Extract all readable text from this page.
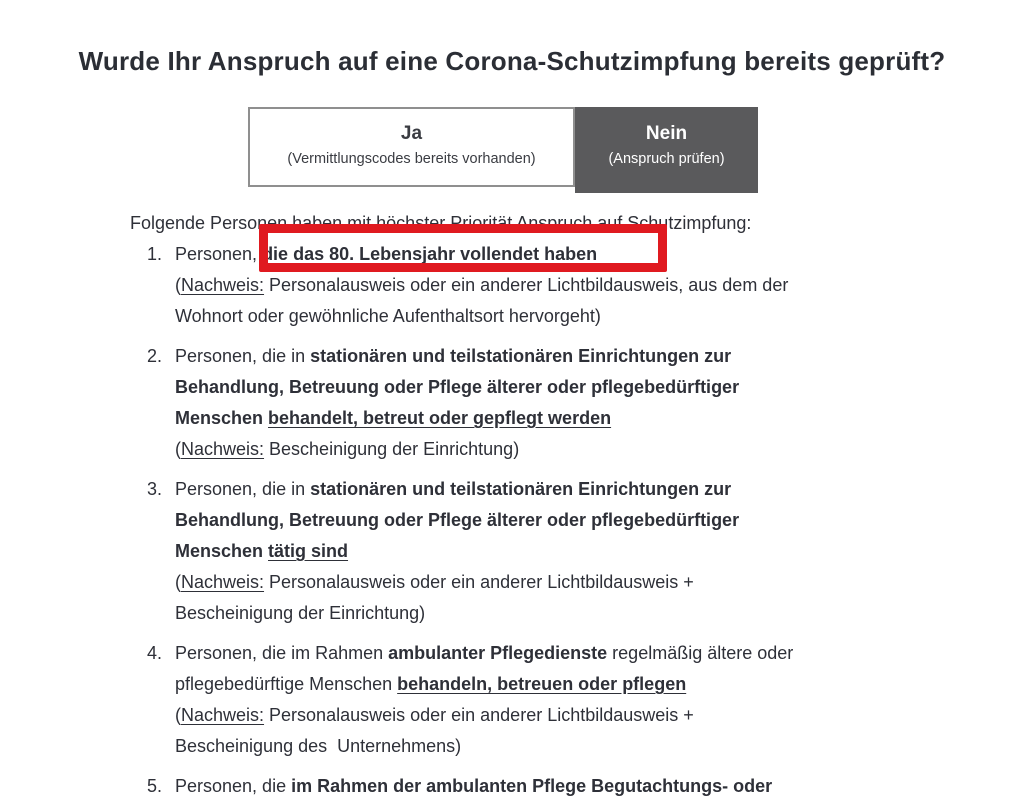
Wurde Ihr Anspruch auf eine Corona-Schutzimpfung bereits geprüft?
Ja
(Vermittlungscodes bereits vorhanden)
Nein
(Anspruch prüfen)
Folgende Personen haben mit höchster Priorität Anspruch auf Schutzimpfung:
1. Personen, die das 80. Lebensjahr vollendet haben
(Nachweis: Personalausweis oder ein anderer Lichtbildausweis, aus dem der
Wohnort oder gewöhnliche Aufenthaltsort hervorgeht)
2. Personen, die in stationären und teilstationären Einrichtungen zur
Behandlung, Betreuung oder Pflege älterer oder pflegebedürftiger
Menschen behandelt, betreut oder gepflegt werden
(Nachweis: Bescheinigung der Einrichtung)
3. Personen, die in stationären und teilstationären Einrichtungen zur
Behandlung, Betreuung oder Pflege älterer oder pflegebedürftiger
Menschen tätig sind
(Nachweis: Personalausweis oder ein anderer Lichtbildausweis +
Bescheinigung der Einrichtung)
4. Personen, die im Rahmen ambulanter Pflegedienste regelmäßig ältere oder
pflegebedürftige Menschen behandeln, betreuen oder pflegen
(Nachweis: Personalausweis oder ein anderer Lichtbildausweis +
Bescheinigung des  Unternehmens)
5. Personen, die im Rahmen der ambulanten Pflege Begutachtungs- oder
